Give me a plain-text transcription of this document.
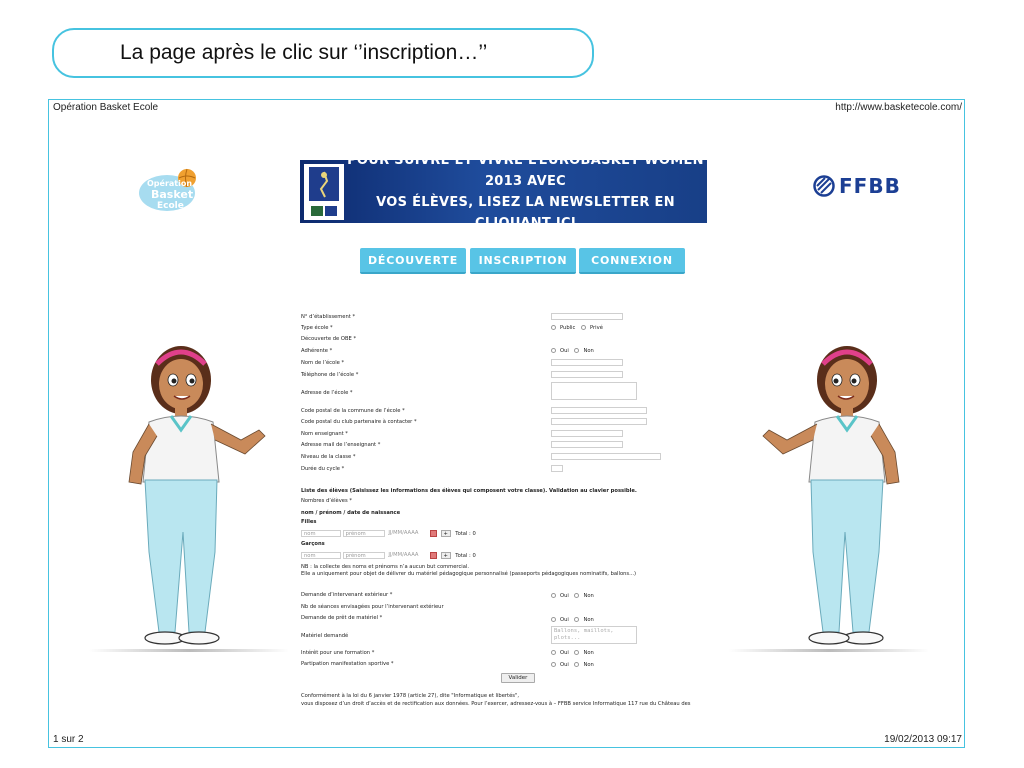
La page après le clic sur ‘’inscription…’’
Opération Basket Ecole	http://www.basketecole.com/
Opération
Basket
Ecole
POUR SUIVRE ET VIVRE L’EUROBASKET WOMEN 2013 AVEC
VOS ÉLÈVES, LISEZ LA NEWSLETTER EN CLIQUANT ICI
FFBB
DÉCOUVERTE	INSCRIPTION	CONNEXION
N° d’établissement *
Type école *	Public	Privé
Découverte de OBE *
Adhérente *	Oui	Non
Nom de l’école *
Téléphone de l’école *
Adresse de l’école *
Code postal de la commune de l’école *
Code postal du club partenaire à contacter *
Nom enseignant *
Adresse mail de l’enseignant *
Niveau de la classe *
Durée du cycle *
Liste des élèves (Saisissez les informations des élèves qui composent votre classe). Validation au clavier possible.
Nombres d’élèves *
nom / prénom / date de naissance
Filles
nom	prénom	JJ/MM/AAAA	+ Total : 0
Garçons
nom	prénom	JJ/MM/AAAA	+ Total : 0
NB : la collecte des noms et prénoms n’a aucun but commercial.
Elle a uniquement pour objet de délivrer du matériel pédagogique personnalisé (passeports pédagogiques nominatifs, ballons...)
Demande d’intervenant extérieur *	Oui	Non
Nb de séances envisagées pour l’intervenant extérieur
Demande de prêt de matériel *	Oui	Non
Matériel demandé
Ballons, maillots, plots...
Intérêt pour une formation *	Oui	Non
Partipation manifestation sportive *	Oui	Non
Valider
Conformément à la loi du 6 janvier 1978 (article 27), dite "Informatique et libertés",
vous disposez d’un droit d’accès et de rectification aux données. Pour l’exercer, adressez-vous à – FFBB service Informatique 117 rue du Château des
1 sur 2	19/02/2013 09:17
